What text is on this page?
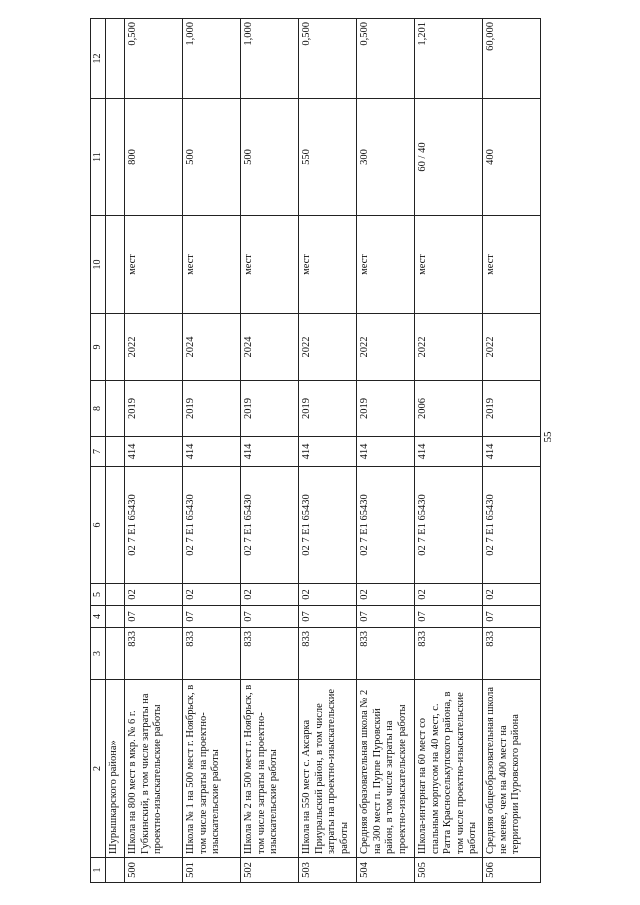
55
1	2	3	4	5	6	7	8	9	10	11	12
	Шурышкарского района»										
500	Школа на 800 мест в мкр. № 6 г. Губкинский, в том числе затраты на проектно-изыскательские работы	833	07	02	02 7 E1 65430	414	2019	2022	мест	800	0,500
501	Школа № 1 на 500 мест г. Ноябрьск, в том числе затраты на проектно-изыскательские работы	833	07	02	02 7 E1 65430	414	2019	2024	мест	500	1,000
502	Школа № 2 на 500 мест г. Ноябрьск, в том числе затраты на проектно-изыскательские работы	833	07	02	02 7 E1 65430	414	2019	2024	мест	500	1,000
503	Школа на 550 мест с. Аксарка Приуральский район, в том числе затраты на проектно-изыскательские работы	833	07	02	02 7 E1 65430	414	2019	2022	мест	550	0,500
504	Средняя образовательная школа № 2 на 300 мест п. Пурпе Пуровский район, в том числе затраты на проектно-изыскательские работы	833	07	02	02 7 E1 65430	414	2019	2022	мест	300	0,500
505	Школа-интернат на 60 мест со спальным корпусом на 40 мест, с. Ратта Красноселькупского района, в том числе проектно-изыскательские работы	833	07	02	02 7 E1 65430	414	2006	2022	мест	60 / 40	1,201
506	Средняя общеобразовательная школа не менее, чем на 400 мест на территории Пуровского района	833	07	02	02 7 E1 65430	414	2019	2022	мест	400	60,000
